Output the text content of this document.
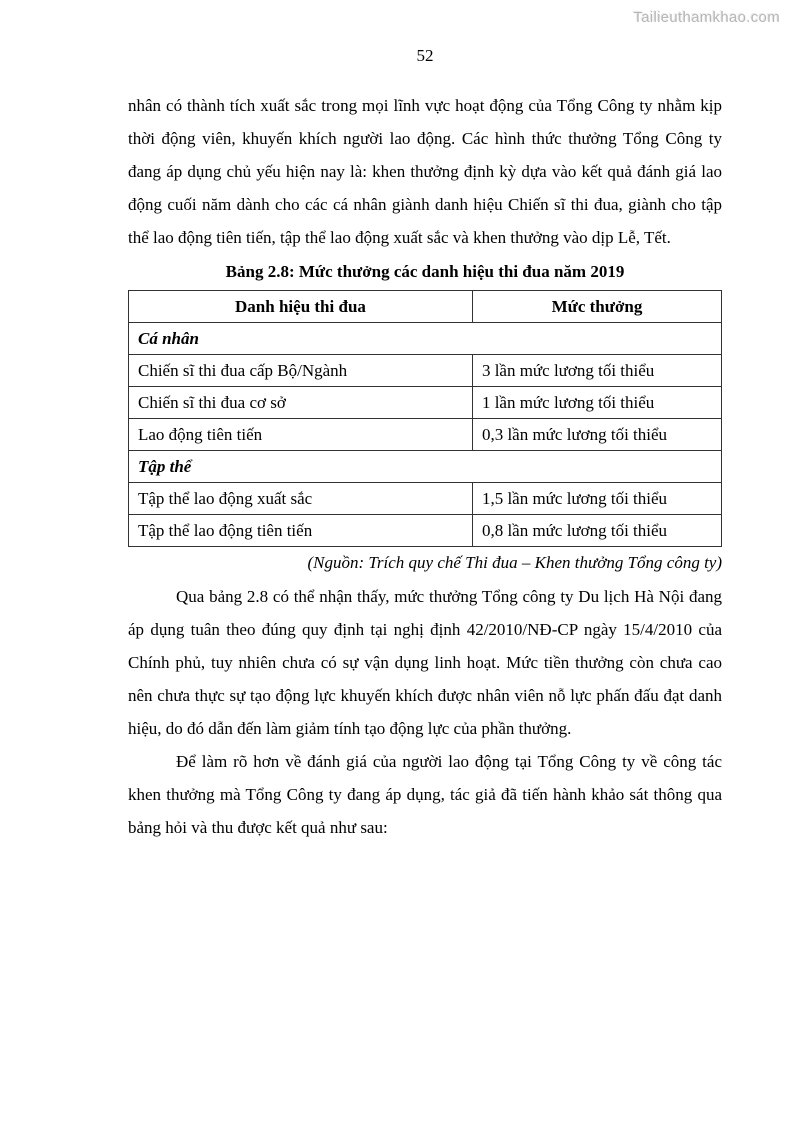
Tailieuthamkhao.com
52

nhân có thành tích xuất sắc trong mọi lĩnh vực hoạt động của Tổng Công ty nhằm kịp thời động viên, khuyến khích người lao động. Các hình thức thưởng Tổng Công ty đang áp dụng chủ yếu hiện nay là: khen thưởng định kỳ dựa vào kết quả đánh giá lao động cuối năm dành cho các cá nhân giành danh hiệu Chiến sĩ thi đua, giành cho tập thể lao động tiên tiến, tập thể lao động xuất sắc và khen thưởng vào dịp Lễ, Tết.

Bảng 2.8: Mức thưởng các danh hiệu thi đua năm 2019
Danh hiệu thi đua	Mức thưởng
Cá nhân	
Chiến sĩ thi đua cấp Bộ/Ngành	3 lần mức lương tối thiểu
Chiến sĩ thi đua cơ sở	1 lần mức lương tối thiểu
Lao động tiên tiến	0,3 lần mức lương tối thiểu
Tập thể	
Tập thể lao động xuất sắc	1,5 lần mức lương tối thiểu
Tập thể lao động tiên tiến	0,8 lần mức lương tối thiểu
(Nguồn: Trích quy chế Thi đua – Khen thưởng Tổng công ty)

Qua bảng 2.8 có thể nhận thấy, mức thưởng Tổng công ty Du lịch Hà Nội đang áp dụng tuân theo đúng quy định tại nghị định 42/2010/NĐ-CP ngày 15/4/2010 của Chính phủ, tuy nhiên chưa có sự vận dụng linh hoạt. Mức tiền thưởng còn chưa cao nên chưa thực sự tạo động lực khuyến khích được nhân viên nỗ lực phấn đấu đạt danh hiệu, do đó dẫn đến làm giảm tính tạo động lực của phần thưởng.

Để làm rõ hơn về đánh giá của người lao động tại Tổng Công ty về công tác khen thưởng mà Tổng Công ty đang áp dụng, tác giả đã tiến hành khảo sát thông qua bảng hỏi và thu được kết quả như sau:
